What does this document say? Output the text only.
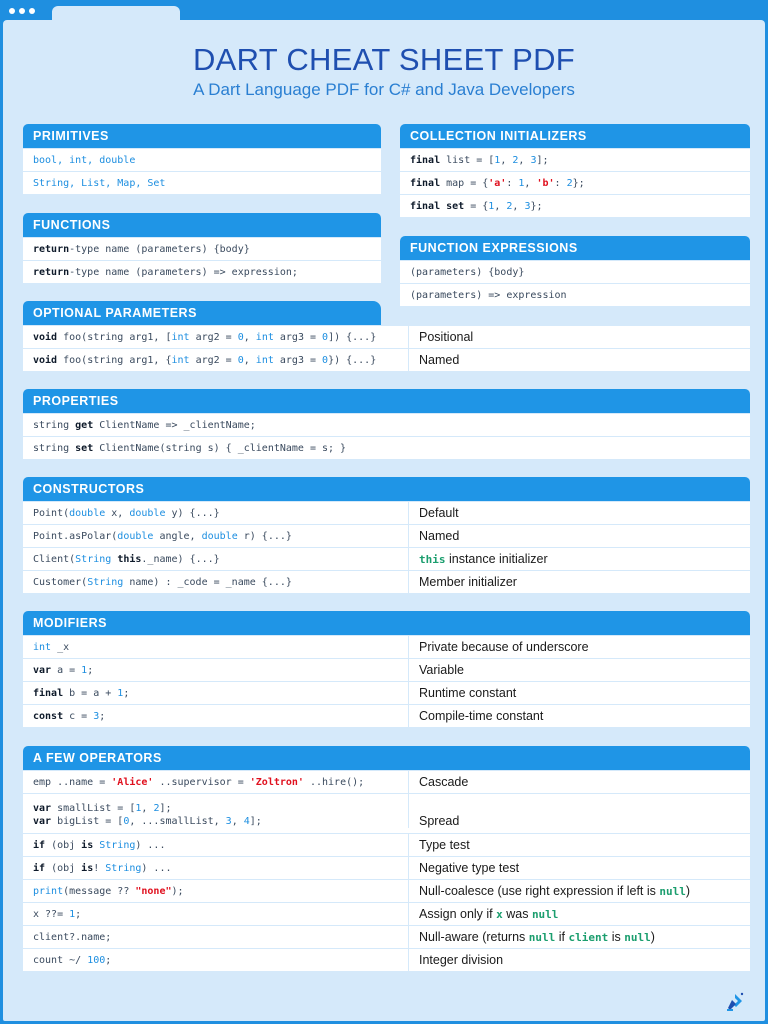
DART CHEAT SHEET PDF
A Dart Language PDF for C# and Java Developers
PRIMITIVES
bool, int, double
String, List, Map, Set
FUNCTIONS
return-type name (parameters) {body}
return-type name (parameters) => expression;
COLLECTION INITIALIZERS
final list = [1, 2, 3];
final map = {'a': 1, 'b': 2};
final set = {1, 2, 3};
FUNCTION EXPRESSIONS
(parameters) {body}
(parameters) => expression
OPTIONAL PARAMETERS
void foo(string arg1, [ int arg2 = 0 , int arg3 = 0 ]) {...}	Positional
void foo(string arg1, { int arg2 = 0 , int arg3 = 0 }) {...}	Named
PROPERTIES
string get ClientName => _clientName;
string set ClientName(string s) { _clientName = s; }
CONSTRUCTORS
Point( double x, double y) {...}	Default
Point.asPolar( double angle, double r) {...}	Named
Client( String
this ._name) {...}	this instance initializer
Customer( String name) : _code = _name {...}	Member initializer
MODIFIERS
int _x	Private because of underscore
var a = 1 ;	Variable
final b = a + 1 ;	Runtime constant
const c = 3 ;	Compile-time constant
A FEW OPERATORS
emp ..name = 'Alice' ..supervisor = 'Zoltron' ..hire();	Cascade
var smallList = [1, 2];
var bigList = [0, ...smallList, 3, 4];	Spread
if (obj is
String ) ...	Type test
if (obj is ! String ) ...	Negative type test
print (message ?? "none" );	Null-coalesce (use right expression if left is null)
x ??= 1 ;	Assign only if x was null
client?.name;	Null-aware (returns null if client is null)
count ~/ 100 ;	Integer division
